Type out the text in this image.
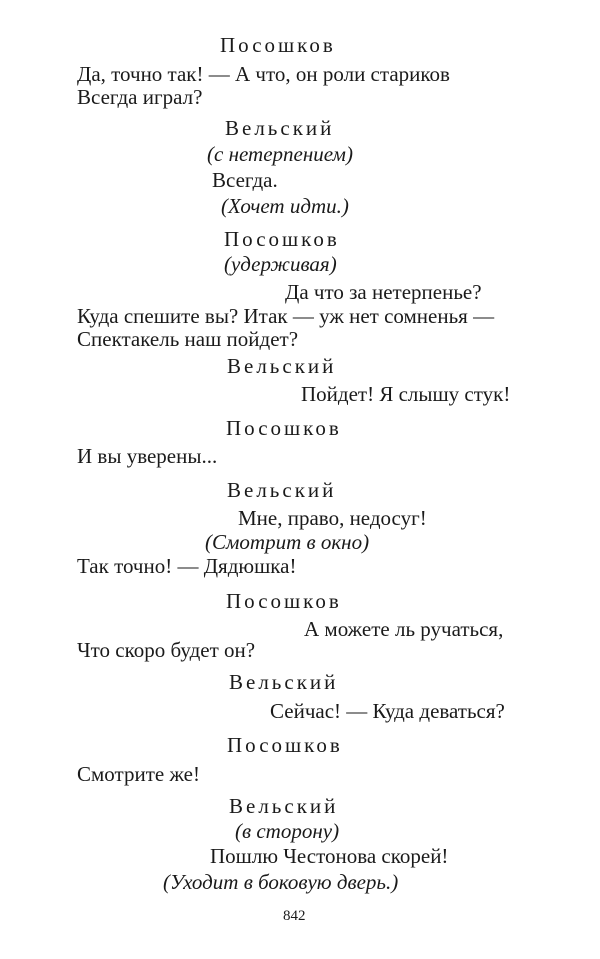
Посошков
Да, точно так! — А что, он роли стариков
Всегда играл?
Вельский
(с нетерпением)
Всегда.
(Хочет идти.)
Посошков
(удерживая)
Да что за нетерпенье?
Куда спешите вы? Итак — уж нет сомненья —
Спектакель наш пойдет?
Вельский
Пойдет! Я слышу стук!
Посошков
И вы уверены...
Вельский
Мне, право, недосуг!
(Смотрит в окно)
Так точно! — Дядюшка!
Посошков
А можете ль ручаться,
Что скоро будет он?
Вельский
Сейчас! — Куда деваться?
Посошков
Смотрите же!
Вельский
(в сторону)
Пошлю Честонова скорей!
(Уходит в боковую дверь.)
842
